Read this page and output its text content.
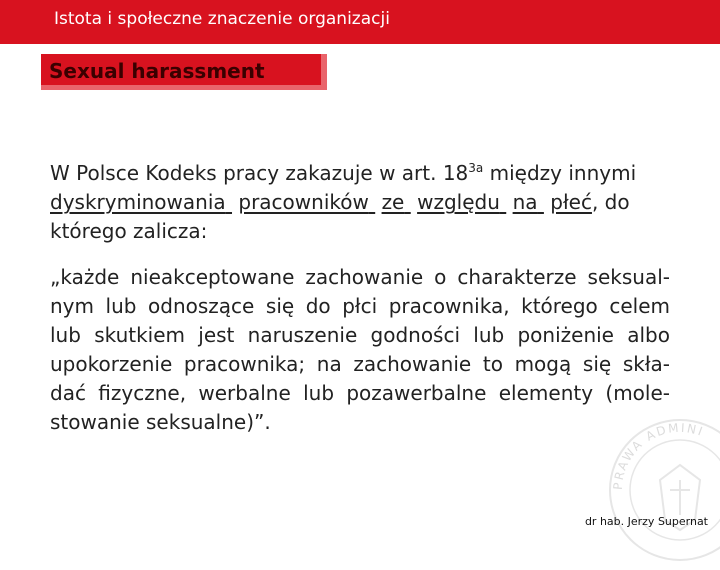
Istota i społeczne znaczenie organizacji
Sexual harassment
W Polsce Kodeks pracy zakazuje w art. $18^{3a}$ między innymi
dyskryminowania pracowników ze względu na płeć, do
którego zalicza:
„każde nieakceptowane zachowanie o charakterze seksual-
nym lub odnoszące się do płci pracownika, którego celem
lub skutkiem jest naruszenie godności lub poniżenie albo
upokorzenie pracownika; na zachowanie to mogą się skła-
dać fizyczne, werbalne lub pozawerbalne elementy (mole-
stowanie seksualne)”.
PRAWA ADMINI
dr hab. Jerzy Supernat
